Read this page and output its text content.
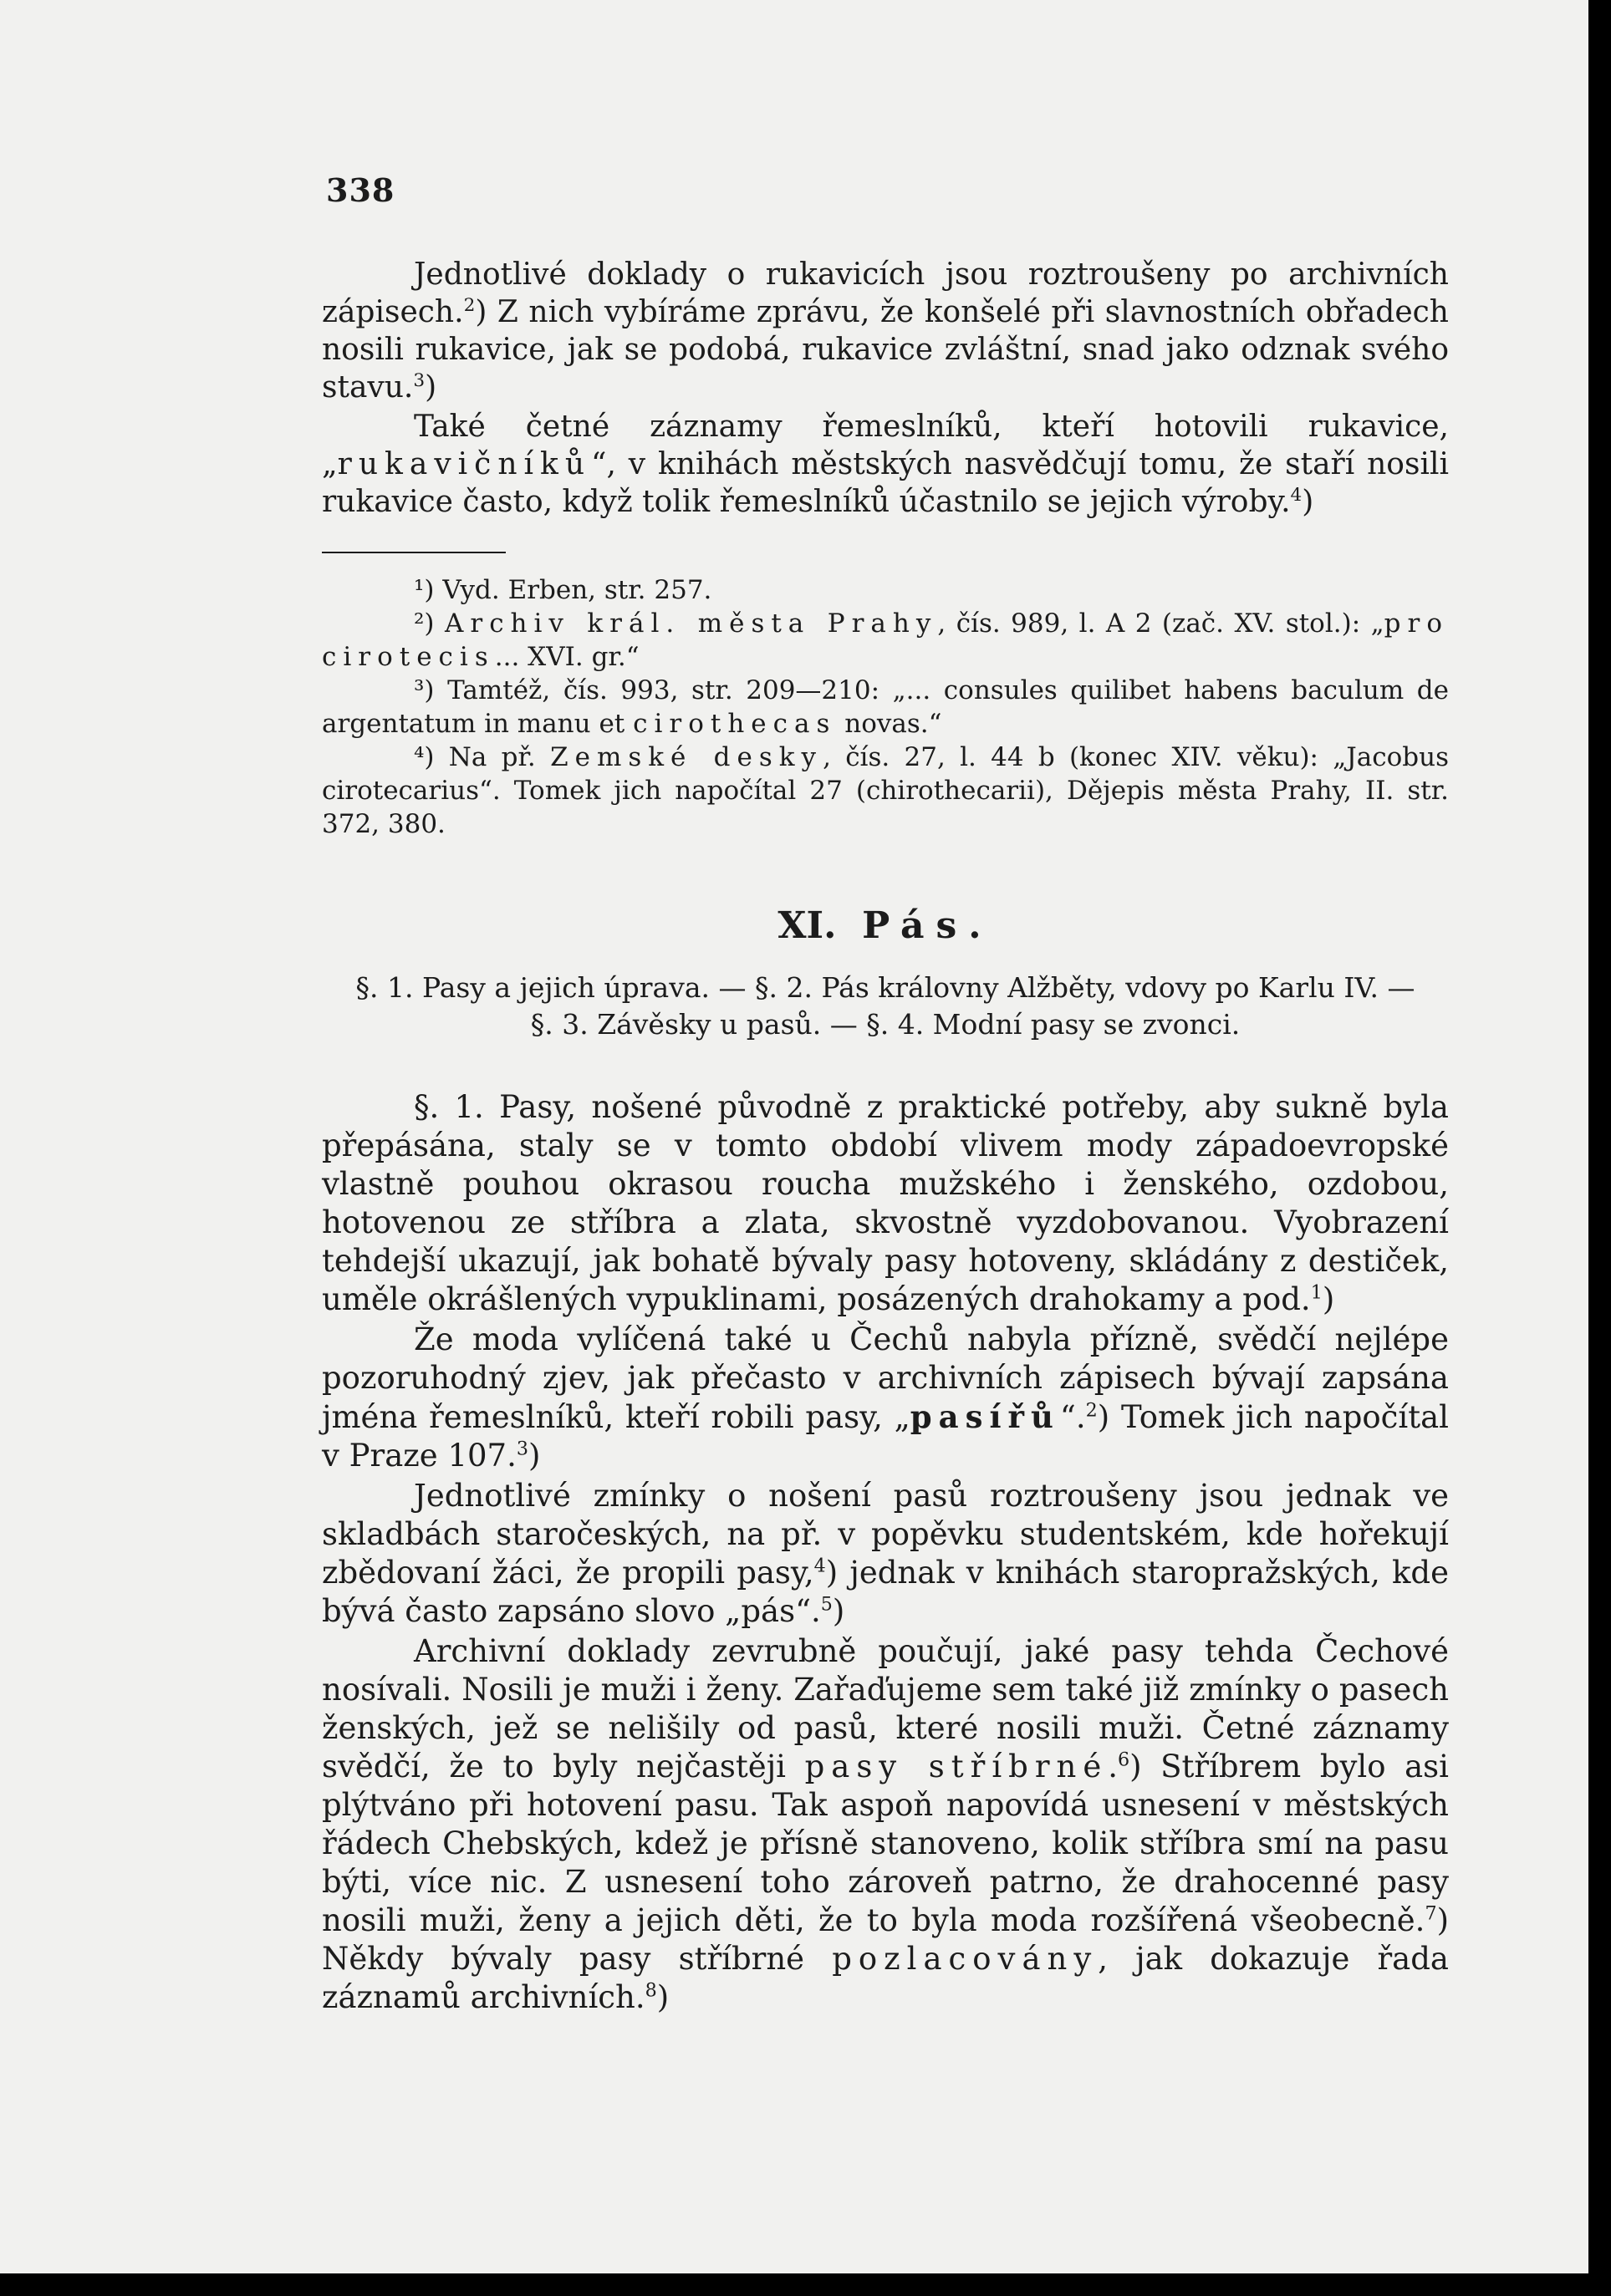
338

Jednotlivé doklady o rukavicích jsou roztroušeny po archivních zápisech.$^2$) Z nich vybíráme zprávu, že konšelé při slavnostních obřadech nosili rukavice, jak se podobá, rukavice zvláštní, snad jako odznak svého stavu.$^3$)

Také četné záznamy řemeslníků, kteří hotovili rukavice, „rukavičníků“, v knihách městských nasvědčují tomu, že staří nosili rukavice často, když tolik řemeslníků účastnilo se jejich výroby.$^4$)

¹) Vyd. Erben, str. 257.

²) Archiv král. města Prahy, čís. 989, l. A 2 (zač. XV. stol.): „pro cirotecis... XVI. gr.“

³) Tamtéž, čís. 993, str. 209—210: „... consules quilibet habens baculum de argentatum in manu et cirothecas novas.“

⁴) Na př. Zemské desky, čís. 27, l. 44 b (konec XIV. věku): „Jacobus cirotecarius“. Tomek jich napočítal 27 (chirothecarii), Dějepis města Prahy, II. str. 372, 380.

XI. Pás.
§. 1. Pasy a jejich úprava. — §. 2. Pás královny Alžběty, vdovy po Karlu IV. —
§. 3. Závěsky u pasů. — §. 4. Modní pasy se zvonci.

§. 1. Pasy, nošené původně z praktické potřeby, aby sukně byla přepásána, staly se v tomto období vlivem mody západoevropské vlastně pouhou okrasou roucha mužského i ženského, ozdobou, hotovenou ze stříbra a zlata, skvostně vyzdobovanou. Vyobrazení tehdejší ukazují, jak bohatě bývaly pasy hotoveny, skládány z destiček, uměle okrášlených vypuklinami, posázených drahokamy a pod.$^1$)

Že moda vylíčená také u Čechů nabyla přízně, svědčí nejlépe pozoruhodný zjev, jak přečasto v archivních zápisech bývají zapsána jména řemeslníků, kteří robili pasy, „pasířů“.$^2$) Tomek jich napočítal v Praze 107.$^3$)

Jednotlivé zmínky o nošení pasů roztroušeny jsou jednak ve skladbách staročeských, na př. v popěvku studentském, kde hořekují zbědovaní žáci, že propili pasy,$^4$) jednak v knihách staropražských, kde bývá často zapsáno slovo „pás“.$^5$)

Archivní doklady zevrubně poučují, jaké pasy tehda Čechové nosívali. Nosili je muži i ženy. Zařaďujeme sem také již zmínky o pasech ženských, jež se nelišily od pasů, které nosili muži. Četné záznamy svědčí, že to byly nejčastěji pasy stříbrné.$^6$) Stříbrem bylo asi plýtváno při hotovení pasu. Tak aspoň napovídá usnesení v městských řádech Chebských, kdež je přísně stanoveno, kolik stříbra smí na pasu býti, více nic. Z usnesení toho zároveň patrno, že drahocenné pasy nosili muži, ženy a jejich děti, že to byla moda rozšířená všeobecně.$^7$) Někdy bývaly pasy stříbrné pozlacovány, jak dokazuje řada záznamů archivních.$^8$)
